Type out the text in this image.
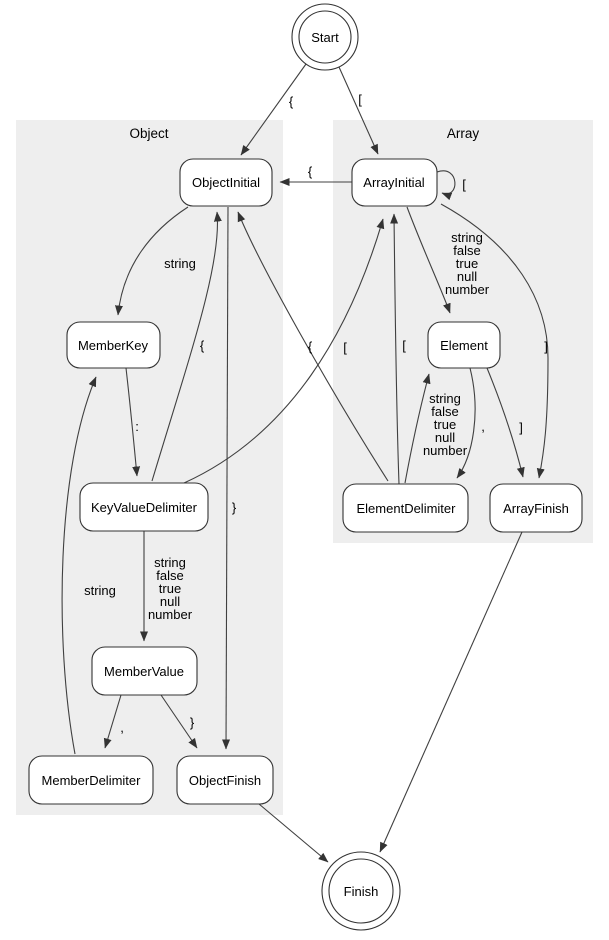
Object	Array
{	[
{
[
string
}
:
{	[
{	[
string
false
true
null
number
]
,
string
false
true
null
number
]
string
false
true
null
number
,	}
string
Start
ObjectInitial	ArrayInitial
MemberKey	Element
KeyValueDelimiter	ElementDelimiter	ArrayFinish
MemberValue
MemberDelimiter	ObjectFinish
Finish
